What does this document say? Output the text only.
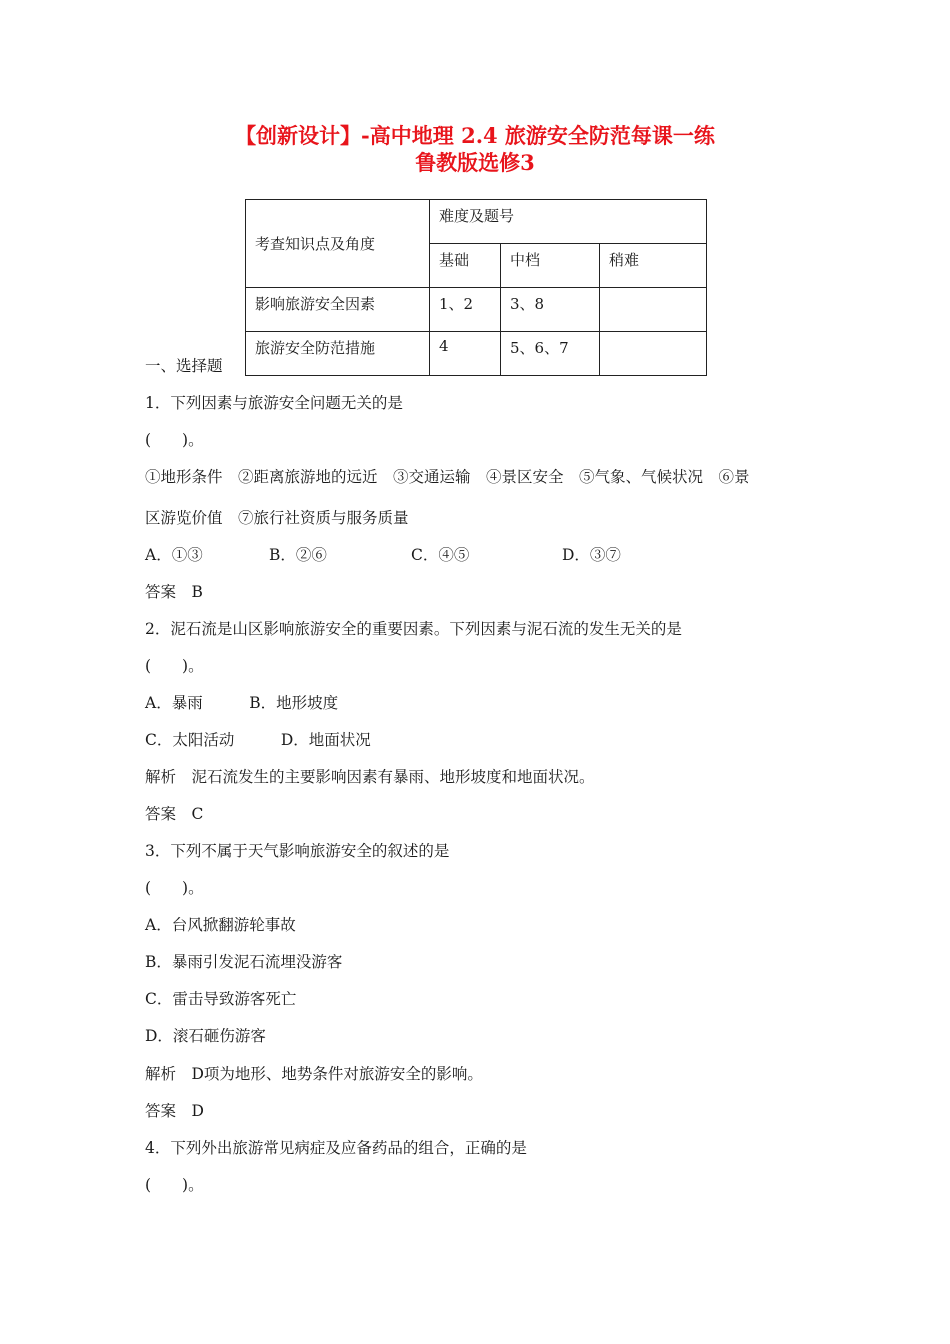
【创新设计】-高中地理 2.4 旅游安全防范每课一练
鲁教版选修3
考查知识点及角度	难度及题号		
	基础	中档	稍难
影响旅游安全因素	1、2	3、8	
旅游安全防范措施	4	5、6、7	
一、选择题
1．下列因素与旅游安全问题无关的是
(　　)。
①地形条件　②距离旅游地的远近　③交通运输　④景区安全　⑤气象、气候状况　⑥景
区游览价值　⑦旅行社资质与服务质量
A．①③	B．②⑥	C．④⑤	D．③⑦
答案　B
2．泥石流是山区影响旅游安全的重要因素。下列因素与泥石流的发生无关的是
(　　)。
A．暴雨　　　B．地形坡度
C．太阳活动　　　D．地面状况
解析　泥石流发生的主要影响因素有暴雨、地形坡度和地面状况。
答案　C
3．下列不属于天气影响旅游安全的叙述的是
(　　)。
A．台风掀翻游轮事故
B．暴雨引发泥石流埋没游客
C．雷击导致游客死亡
D．滚石砸伤游客
解析　D项为地形、地势条件对旅游安全的影响。
答案　D
4．下列外出旅游常见病症及应备药品的组合，正确的是
(　　)。
